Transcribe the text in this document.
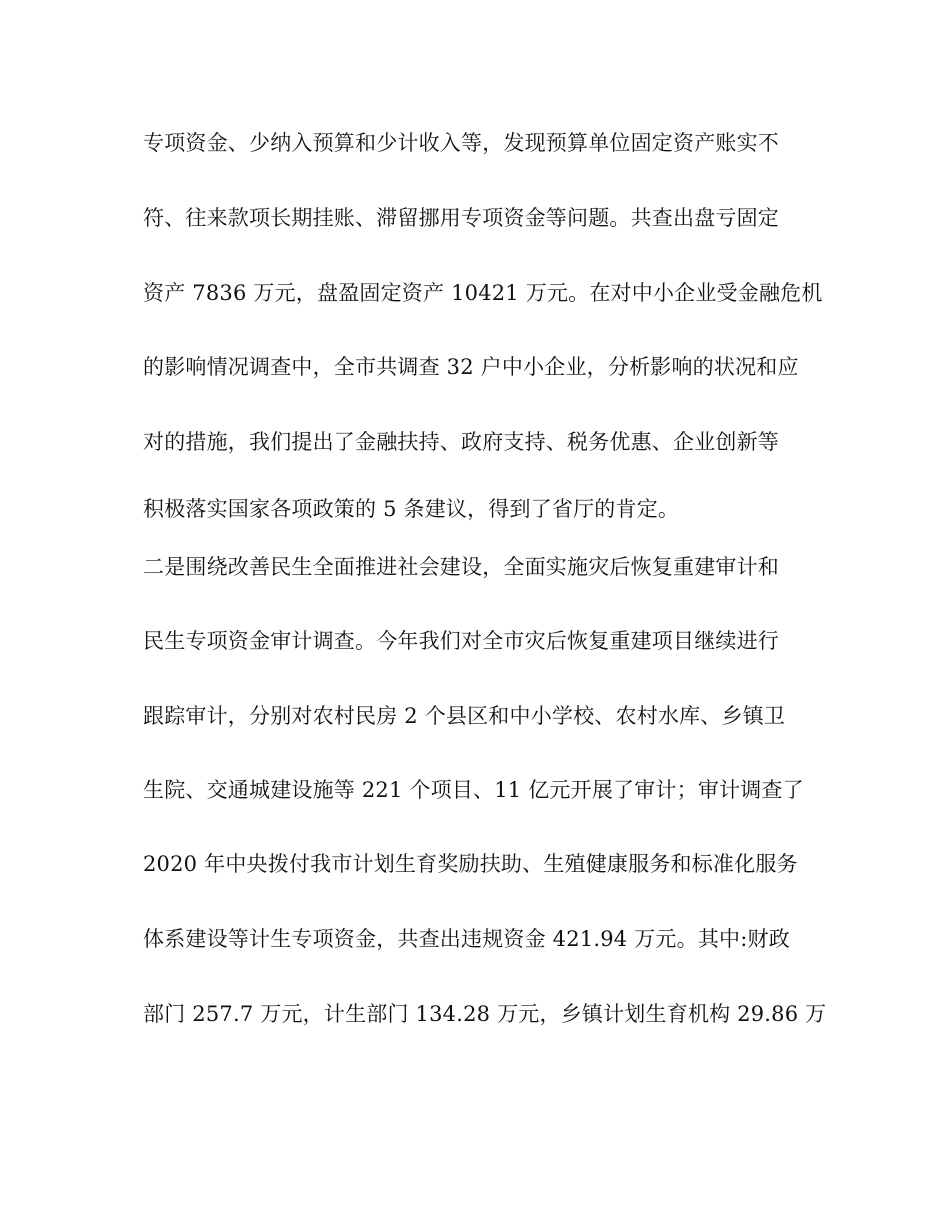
专项资金、少纳入预算和少计收入等，发现预算单位固定资产账实不
符、往来款项长期挂账、滞留挪用专项资金等问题。共查出盘亏固定
资产 7836 万元，盘盈固定资产 10421 万元。在对中小企业受金融危机
的影响情况调查中，全市共调查 32 户中小企业，分析影响的状况和应
对的措施，我们提出了金融扶持、政府支持、税务优惠、企业创新等
积极落实国家各项政策的 5 条建议，得到了省厅的肯定。
二是围绕改善民生全面推进社会建设，全面实施灾后恢复重建审计和
民生专项资金审计调查。今年我们对全市灾后恢复重建项目继续进行
跟踪审计，分别对农村民房 2 个县区和中小学校、农村水库、乡镇卫
生院、交通城建设施等 221 个项目、11 亿元开展了审计；审计调查了
2020 年中央拨付我市计划生育奖励扶助、生殖健康服务和标准化服务
体系建设等计生专项资金，共查出违规资金 421.94 万元。其中:财政
部门 257.7 万元，计生部门 134.28 万元，乡镇计划生育机构 29.86 万
